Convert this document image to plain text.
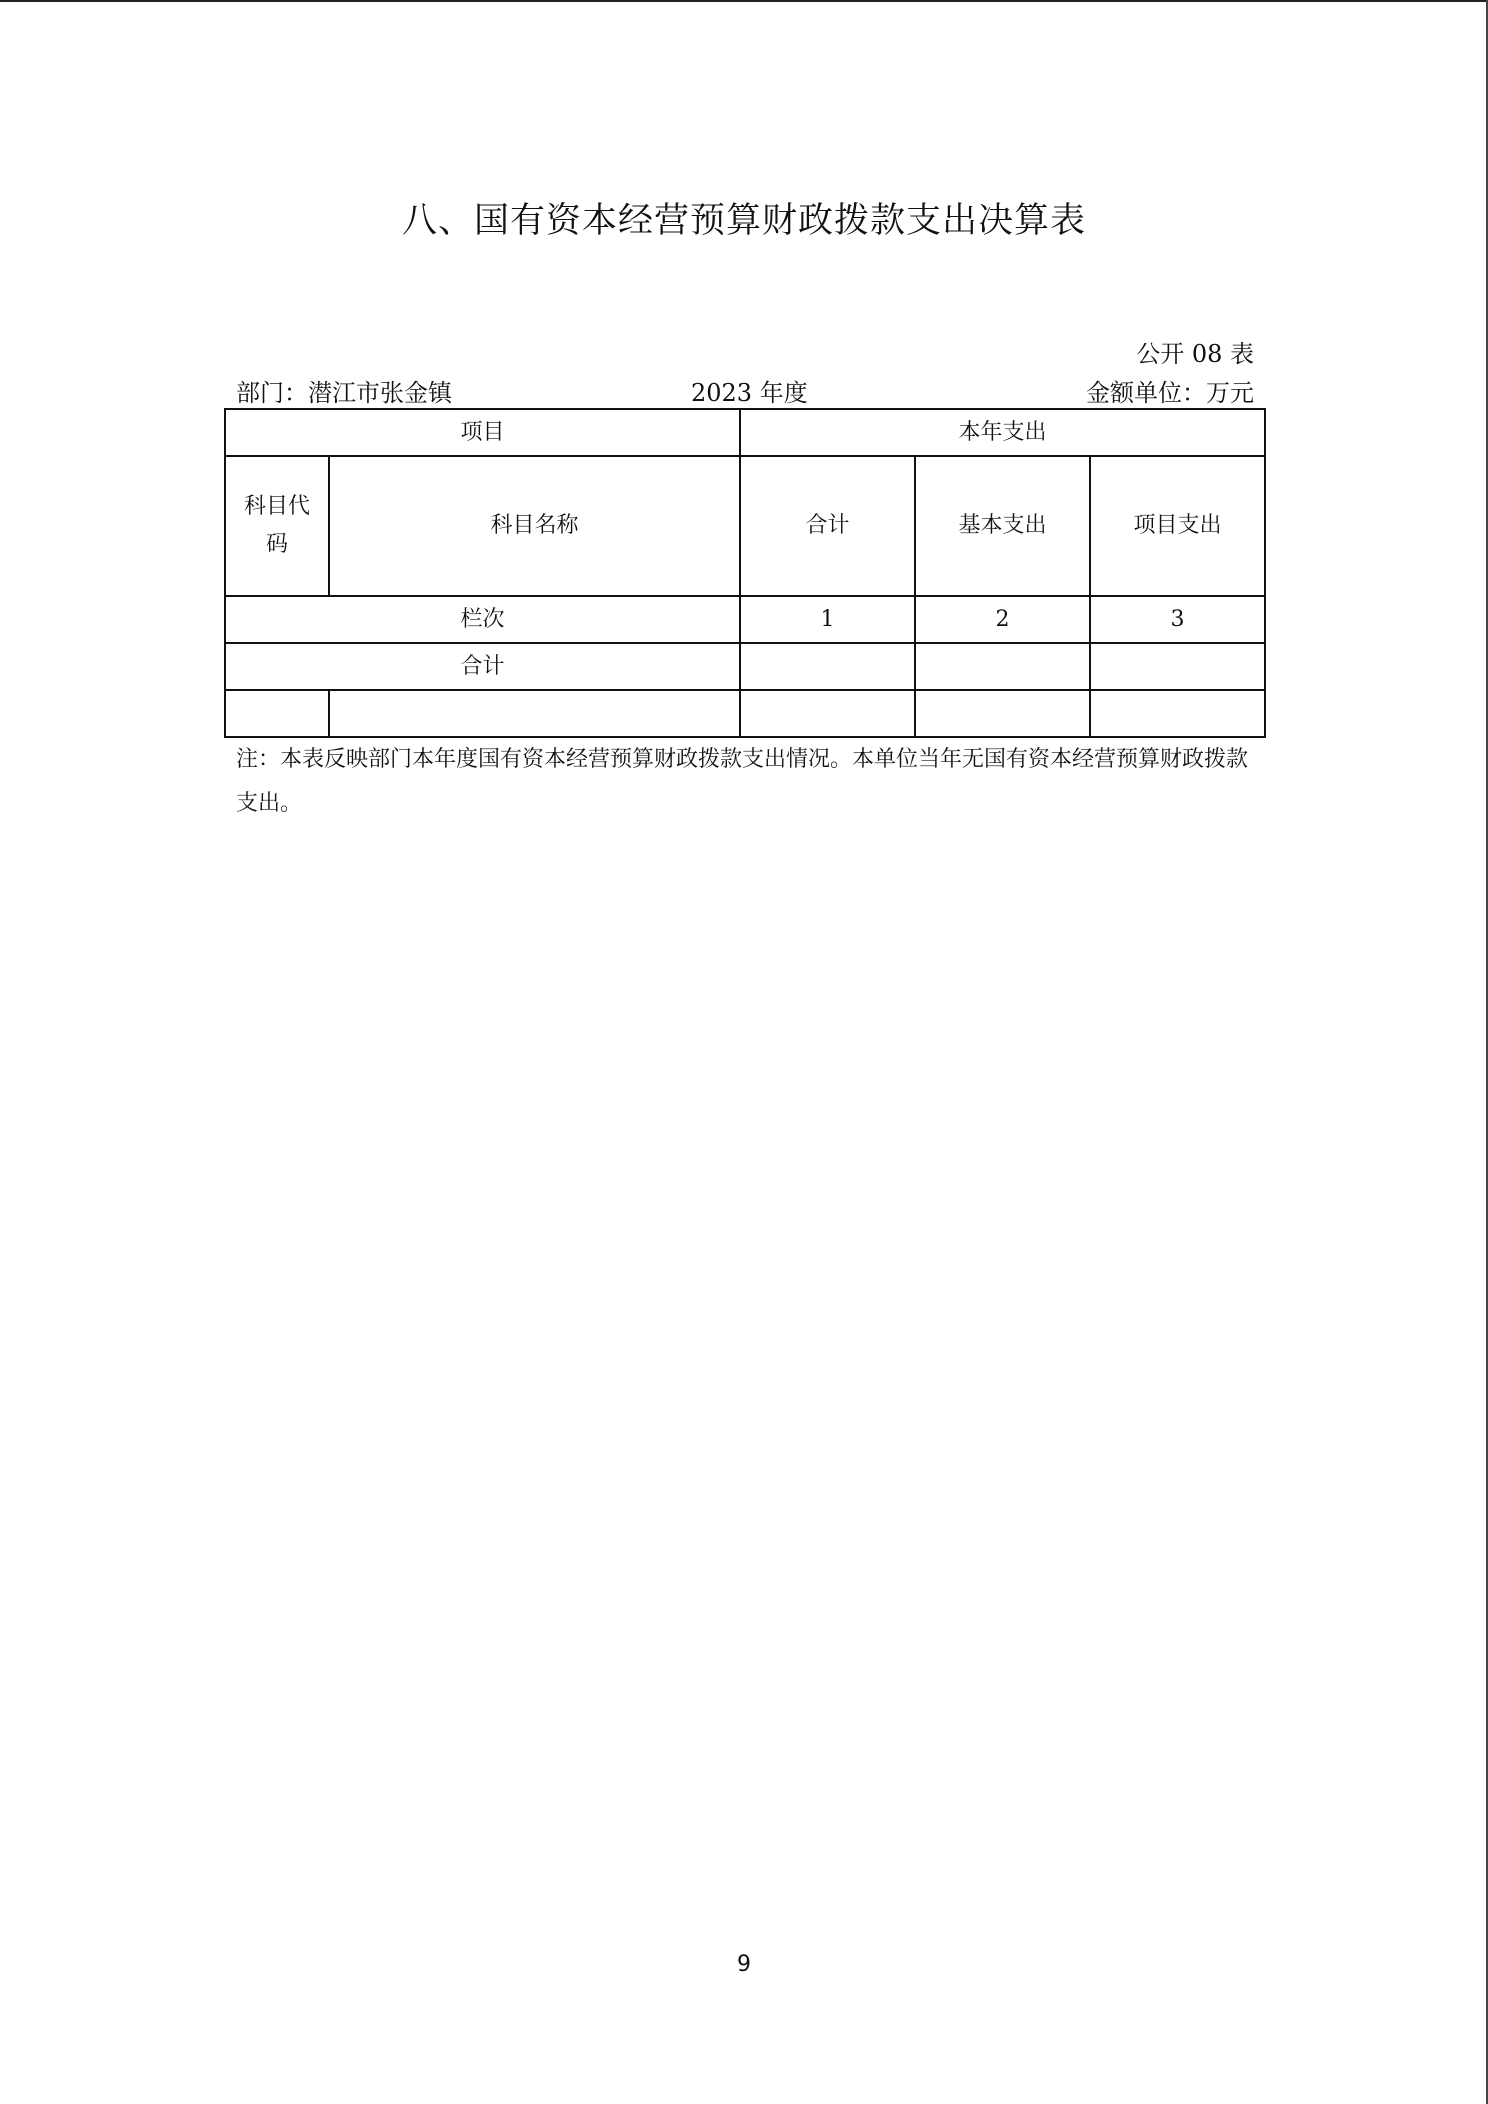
八、国有资本经营预算财政拨款支出决算表
公开 08 表
部门：潜江市张金镇	2023 年度	金额单位：万元
项目		本年支出		
科目代码	科目名称	合计	基本支出	项目支出
栏次		1	2	3
合计				

注：本表反映部门本年度国有资本经营预算财政拨款支出情况。本单位当年无国有资本经营预算财政拨款支出。
9
